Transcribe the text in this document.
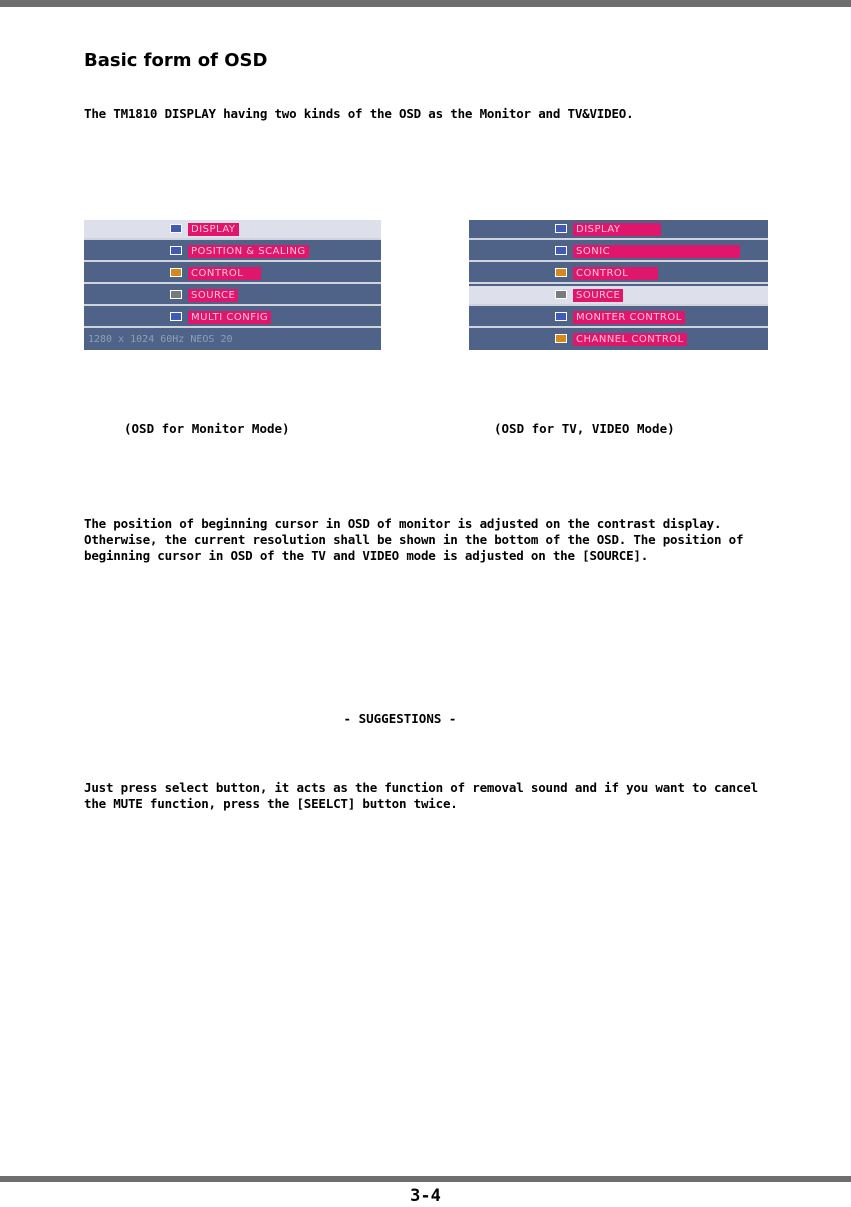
Basic form of OSD

The TM1810 DISPLAY having two kinds of the OSD as the Monitor and TV&VIDEO.

DISPLAY
POSITION & SCALING
CONTROL
SOURCE
MULTI CONFIG
1280 x 1024 60Hz NEOS 20
DISPLAY
SONIC
CONTROL
SOURCE
MONITER CONTROL
CHANNEL CONTROL

(OSD for Monitor Mode)	(OSD for TV, VIDEO Mode)

The position of beginning cursor in OSD of monitor is adjusted on the contrast display. Otherwise, the current resolution shall be shown in the bottom of the OSD. The position of beginning cursor in OSD of the TV and VIDEO mode is adjusted on the [SOURCE].

- SUGGESTIONS -

Just press select button, it acts as the function of removal sound and if you want to cancel the MUTE function, press the [SEELCT] button twice.

3-4
